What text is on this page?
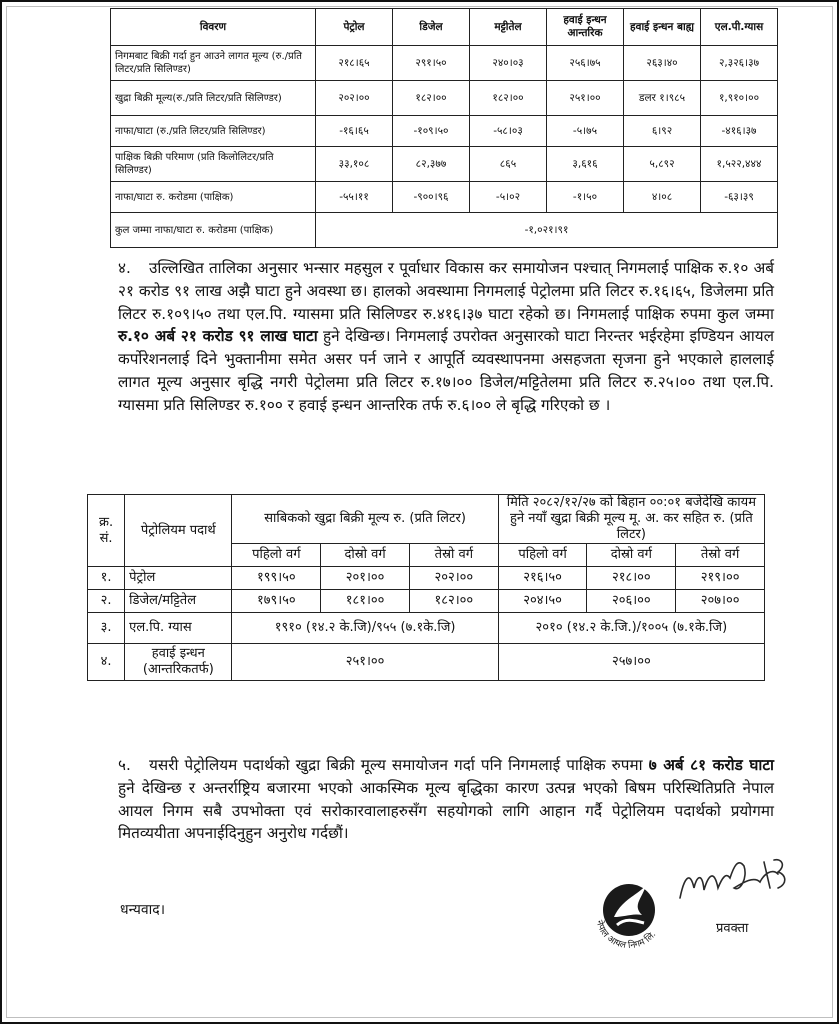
विवरण	पेट्रोल	डिजेल	मट्टीतेल	हवाई इन्धन आन्तरिक	हवाई इन्धन बाह्य	एल.पी.ग्यास
निगमबाट बिक्री गर्दा हुन आउने लागत मूल्य (रु./प्रति लिटर/प्रति सिलिण्डर)	२१८।६५	२९१।५०	२४०।०३	२५६।७५	२६३।४०	२,३२६।३७
खुद्रा बिक्री मूल्य(रु./प्रति लिटर/प्रति सिलिण्डर)	२०२।००	१८२।००	१८२।००	२५१।००	डलर १।९८५	१,९१०।००
नाफा/घाटा (रु./प्रति लिटर/प्रति सिलिण्डर)	-१६।६५	-१०९।५०	-५८।०३	-५।७५	६।९२	-४१६।३७
पाक्षिक बिक्री परिमाण (प्रति किलोलिटर/प्रति सिलिण्डर)	३३,१०८	८२,३७७	८६५	३,६१६	५,८९२	१,५२२,४४४
नाफा/घाटा रु. करोडमा (पाक्षिक)	-५५।११	-९००।९६	-५।०२	-१।५०	४।०८	-६३।३९
कुल जम्मा नाफा/घाटा रु. करोडमा (पाक्षिक)	-१,०२१।९१					

४. उल्लिखित तालिका अनुसार भन्सार महसुल र पूर्वाधार विकास कर समायोजन पश्चात् निगमलाई पाक्षिक रु.१० अर्ब २१ करोड ९१ लाख अझै घाटा हुने अवस्था छ। हालको अवस्थामा निगमलाई पेट्रोलमा प्रति लिटर रु.१६।६५, डिजेलमा प्रति लिटर रु.१०९।५० तथा एल.पि. ग्यासमा प्रति सिलिण्डर रु.४१६।३७ घाटा रहेको छ। निगमलाई पाक्षिक रुपमा कुल जम्मा रु.१० अर्ब २१ करोड ९१ लाख घाटा हुने देखिन्छ। निगमलाई उपरोक्त अनुसारको घाटा निरन्तर भईरहेमा इण्डियन आयल कर्पोरेशनलाई दिने भुक्तानीमा समेत असर पर्न जाने र आपूर्ति व्यवस्थापनमा असहजता सृजना हुने भएकाले हाललाई लागत मूल्य अनुसार बृद्धि नगरी पेट्रोलमा प्रति लिटर रु.१७।०० डिजेल/मट्टितेलमा प्रति लिटर रु.२५।०० तथा एल.पि. ग्यासमा प्रति सिलिण्डर रु.१०० र हवाई इन्धन आन्तरिक तर्फ रु.६।०० ले बृद्धि गरिएको छ ।

क्र. सं.	पेट्रोलियम पदार्थ	साबिकको खुद्रा बिक्री मूल्य रु. (प्रति लिटर)			मिति २०८२/१२/२७ को बिहान ००:०१ बजेदेखि कायम हुने नयाँ खुद्रा बिक्री मूल्य मू. अ. कर सहित रु. (प्रति लिटर)		
		पहिलो वर्ग	दोस्रो वर्ग	तेस्रो वर्ग	पहिलो वर्ग	दोस्रो वर्ग	तेस्रो वर्ग
१.	पेट्रोल	१९९।५०	२०१।००	२०२।००	२१६।५०	२१८।००	२१९।००
२.	डिजेल/मट्टितेल	१७९।५०	१८१।००	१८२।००	२०४।५०	२०६।००	२०७।००
३.	एल.पि. ग्यास	१९१० (१४.२ के.जि)/९५५ (७.१के.जि)			२०१० (१४.२ के.जि.)/१००५ (७.१के.जि)		
४.	हवाई इन्धन (आन्तरिकतर्फ)	२५१।००			२५७।००		

५. यसरी पेट्रोलियम पदार्थको खुद्रा बिक्री मूल्य समायोजन गर्दा पनि निगमलाई पाक्षिक रुपमा ७ अर्ब ८१ करोड घाटा हुने देखिन्छ र अन्तर्राष्ट्रिय बजारमा भएको आकस्मिक मूल्य बृद्धिका कारण उत्पन्न भएको बिषम परिस्थितिप्रति नेपाल आयल निगम सबै उपभोक्ता एवं सरोकारवालाहरुसँग सहयोगको लागि आहान गर्दै पेट्रोलियम पदार्थको प्रयोगमा मितव्ययीता अपनाईदिनुहुन अनुरोध गर्दछौं।

धन्यवाद।
नेपाल आयल निगम लि.	प्रवक्ता
